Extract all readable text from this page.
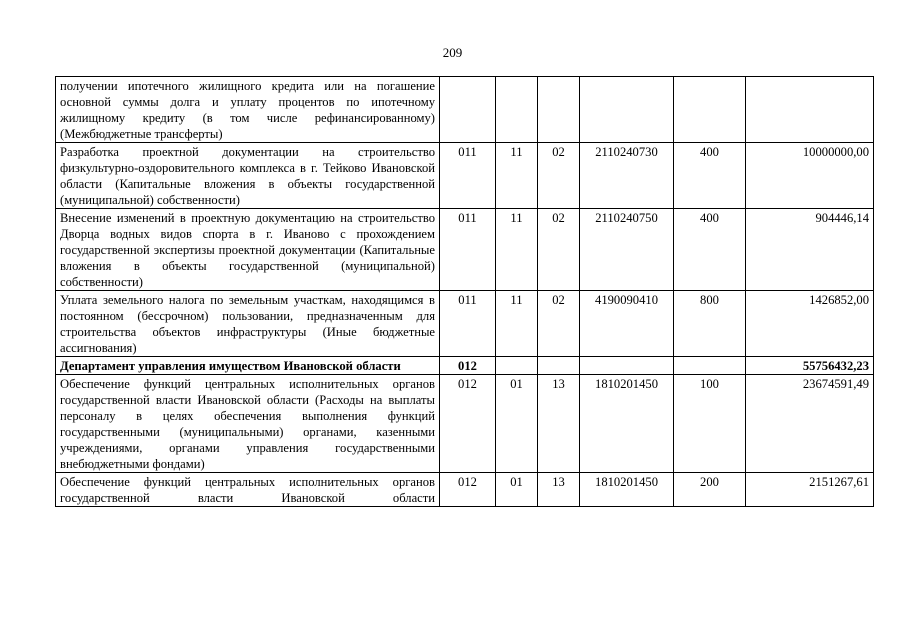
209
получении ипотечного жилищного кредита или на погашение основной суммы долга и уплату процентов по ипотечному жилищному кредиту (в том числе рефинансированному) (Межбюджетные трансферты)						
Разработка проектной документации на строительство физкультурно-оздоровительного комплекса в г. Тейково Ивановской области (Капитальные вложения в объекты государственной (муниципальной) собственности)	011	11	02	2110240730	400	10000000,00
Внесение изменений в проектную документацию на строительство Дворца водных видов спорта в г. Иваново с прохождением государственной экспертизы проектной документации (Капитальные вложения в объекты государственной (муниципальной) собственности)	011	11	02	2110240750	400	904446,14
Уплата земельного налога по земельным участкам, находящимся в постоянном (бессрочном) пользовании, предназначенным для строительства объектов инфраструктуры (Иные бюджетные ассигнования)	011	11	02	4190090410	800	1426852,00
Департамент управления имуществом Ивановской области	012					55756432,23
Обеспечение функций центральных исполнительных органов государственной власти Ивановской области (Расходы на выплаты персоналу в целях обеспечения выполнения функций государственными (муниципальными) органами, казенными учреждениями, органами управления государственными внебюджетными фондами)	012	01	13	1810201450	100	23674591,49
Обеспечение функций центральных исполнительных органов государственной власти Ивановской области	012	01	13	1810201450	200	2151267,61
